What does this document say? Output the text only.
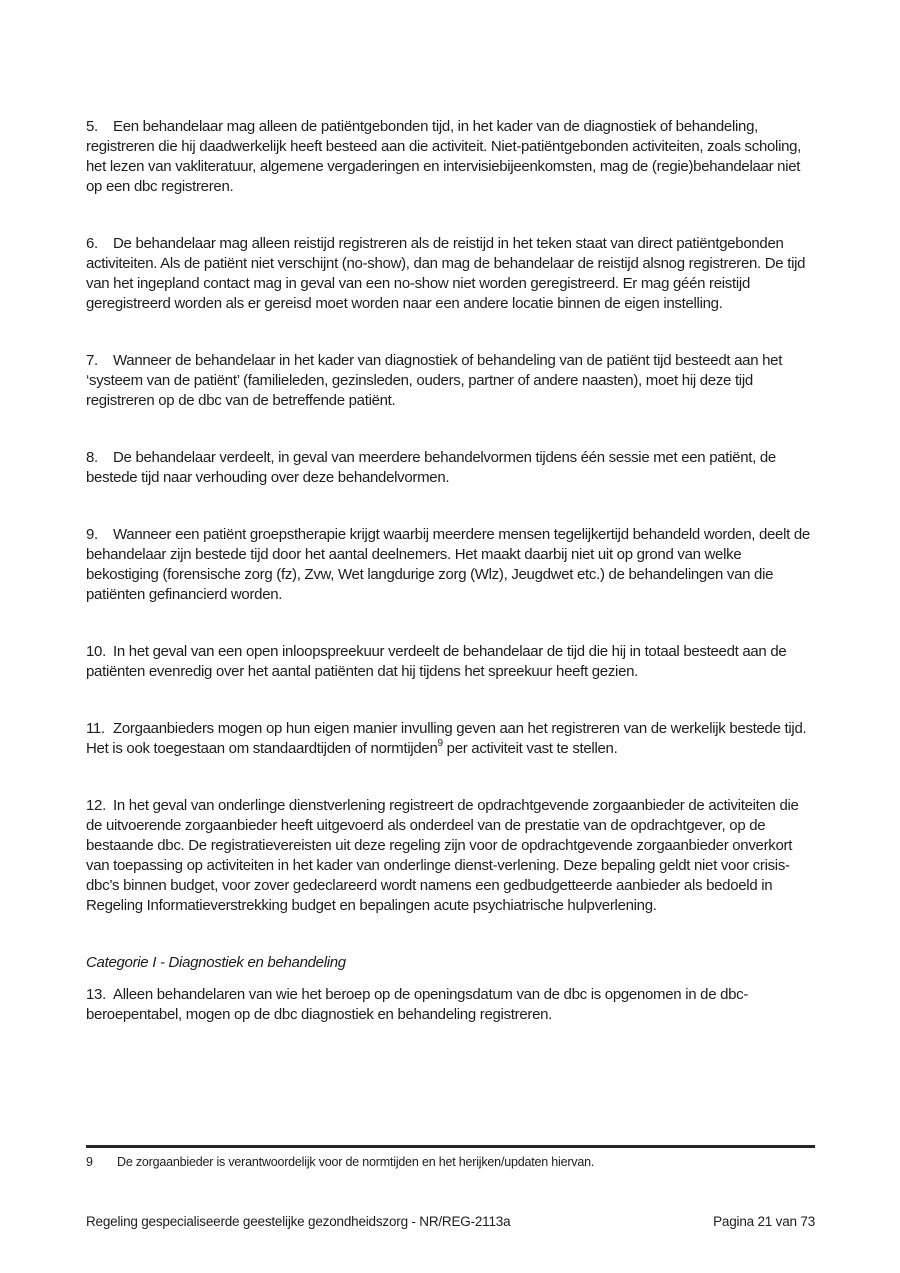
5. Een behandelaar mag alleen de patiëntgebonden tijd, in het kader van de diagnostiek of behandeling, registreren die hij daadwerkelijk heeft besteed aan die activiteit. Niet-patiëntgebonden activiteiten, zoals scholing, het lezen van vakliteratuur, algemene vergaderingen en intervisiebijeenkomsten, mag de (regie)behandelaar niet op een dbc registreren.

6. De behandelaar mag alleen reistijd registreren als de reistijd in het teken staat van direct patiëntgebonden activiteiten. Als de patiënt niet verschijnt (no-show), dan mag de behandelaar de reistijd alsnog registreren. De tijd van het ingepland contact mag in geval van een no-show niet worden geregistreerd. Er mag géén reistijd geregistreerd worden als er gereisd moet worden naar een andere locatie binnen de eigen instelling.

7. Wanneer de behandelaar in het kader van diagnostiek of behandeling van de patiënt tijd besteedt aan het ‘systeem van de patiënt’ (familieleden, gezinsleden, ouders, partner of andere naasten), moet hij deze tijd registreren op de dbc van de betreffende patiënt.

8. De behandelaar verdeelt, in geval van meerdere behandelvormen tijdens één sessie met een patiënt, de bestede tijd naar verhouding over deze behandelvormen.

9. Wanneer een patiënt groepstherapie krijgt waarbij meerdere mensen tegelijkertijd behandeld worden, deelt de behandelaar zijn bestede tijd door het aantal deelnemers. Het maakt daarbij niet uit op grond van welke bekostiging (forensische zorg (fz), Zvw, Wet langdurige zorg (Wlz), Jeugdwet etc.) de behandelingen van die patiënten gefinancierd worden.

10. In het geval van een open inloopspreekuur verdeelt de behandelaar de tijd die hij in totaal besteedt aan de patiënten evenredig over het aantal patiënten dat hij tijdens het spreekuur heeft gezien.

11. Zorgaanbieders mogen op hun eigen manier invulling geven aan het registreren van de werkelijk bestede tijd. Het is ook toegestaan om standaardtijden of normtijden$^9$ per activiteit vast te stellen.

12. In het geval van onderlinge dienstverlening registreert de opdrachtgevende zorgaanbieder de activiteiten die de uitvoerende zorgaanbieder heeft uitgevoerd als onderdeel van de prestatie van de opdrachtgever, op de bestaande dbc. De registratievereisten uit deze regeling zijn voor de opdrachtgevende zorgaanbieder onverkort van toepassing op activiteiten in het kader van onderlinge dienst-verlening. Deze bepaling geldt niet voor crisis-dbc’s binnen budget, voor zover gedeclareerd wordt namens een gedbudgetteerde aanbieder als bedoeld in Regeling Informatieverstrekking budget en bepalingen acute psychiatrische hulpverlening.

Categorie I - Diagnostiek en behandeling

13. Alleen behandelaren van wie het beroep op de openingsdatum van de dbc is opgenomen in de dbc-beroepentabel, mogen op de dbc diagnostiek en behandeling registreren.

9 De zorgaanbieder is verantwoordelijk voor de normtijden en het herijken/updaten hiervan.
Regeling gespecialiseerde geestelijke gezondheidszorg - NR/REG-2113a	Pagina 21 van 73
